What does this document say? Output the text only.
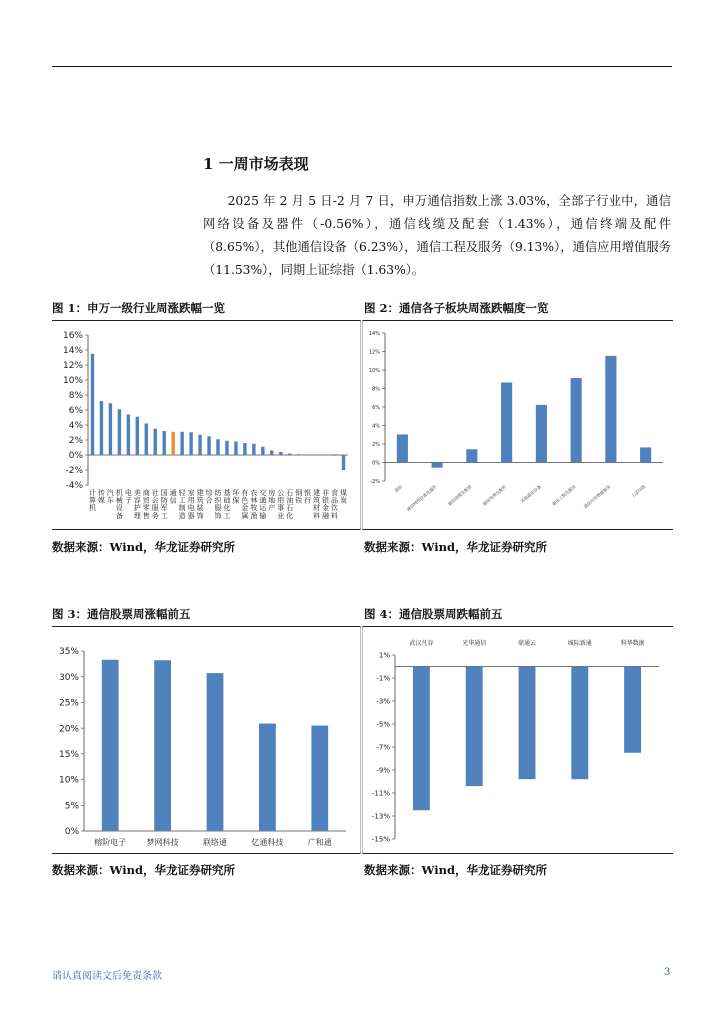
1 一周市场表现

2025 年 2 月 5 日-2 月 7 日，申万通信指数上涨 3.03%，全部子行业中，通信网络设备及器件（-0.56%），通信线缆及配套（1.43%），通信终端及配件（8.65%），其他通信设备（6.23%），通信工程及服务（9.13%），通信应用增值服务（11.53%），同期上证综指（1.63%）。

图 1：申万一级行业周涨跌幅一览
-4%
-2%
0%
2%
4%
6%
8%
10%
12%
14%
16%
计算机
传媒
汽车
机械设备
电子
美容护理
商贸零售
社会服务
国防军工
通信
轻工制造
家用电器
建筑装饰
综合
纺织服饰
基础化工
环保
有色金属
农林牧渔
交通运输
房地产
公用事业
石油石化
钢铁
银行
建筑材料
非银金融
食品饮料
煤炭
数据来源：Wind，华龙证券研究所
图 2：通信各子板块周涨跌幅度一览
-2%
0%
2%
4%
6%
8%
10%
12%
14%
通信 通信网络设备及器件 通信线缆及配套 通信终端及配件	其他通信设备 通信工程及服务 通信应用增值服务	上证综指
数据来源：Wind，华龙证券研究所
图 3：通信股票周涨幅前五
0%
5%
10%
15%
20%
25%
30%
35%
榕阶电子	梦网科技	联络通	亿通科技	广和通
数据来源：Wind，华龙证券研究所
图 4：通信股票周跌幅前五
1%
-1%
-3%
-5%
-7%
-9%
-11%
-13%
-15%
武汉凡谷	光华通信	鼎通云	城际新通	科华数据
数据来源：Wind，华龙证券研究所
请认真阅读文后免责条款	3
